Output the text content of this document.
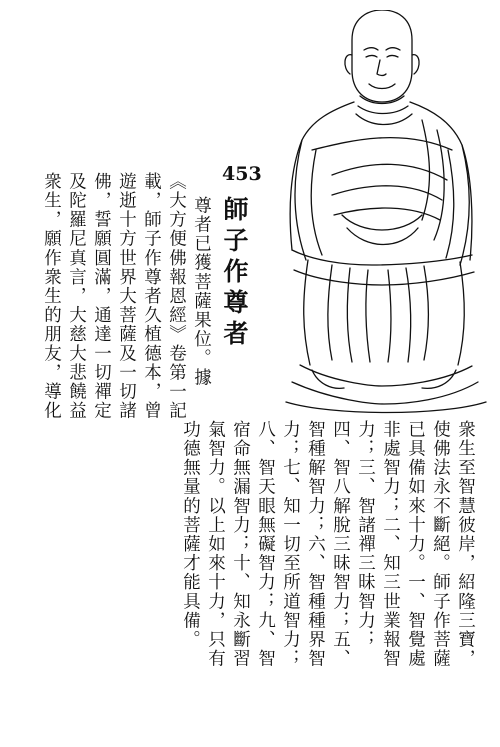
453
師子作尊者
尊者已獲菩薩果位。據
《大方便佛報恩經》卷第一記
載，師子作尊者久植德本，曾
遊逝十方世界大菩薩及一切諸
佛，誓願圓滿，通達一切禪定
及陀羅尼真言，大慈大悲饒益
衆生，願作衆生的朋友，導化
衆生至智慧彼岸，紹隆三寶，
使佛法永不斷絕。師子作菩薩
已具備如來十力。一、智覺處
非處智力；二、知三世業報智
力；三、智諸禪三昧智力；
四、智八解脫三昧智力；五、
智種解智力；六、智種種界智
力；七、知一切至所道智力；
八、智天眼無礙智力；九、智
宿命無漏智力；十、知永斷習
氣智力。以上如來十力，只有
功德無量的菩薩才能具備。
